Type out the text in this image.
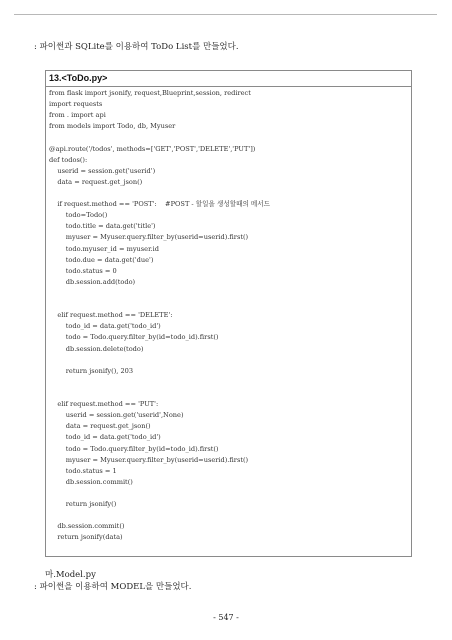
: 파이썬과 SQLite를 이용하여 ToDo List를 만들었다.
13.<ToDo.py>
from flask import jsonify, request,Blueprint,session, redirect
import requests
from . import api
from models import Todo, db, Myuser

@api.route('/todos', methods=['GET','POST','DELETE','PUT'])
def todos():
userid = session.get('userid')
data = request.get_json()

if request.method == 'POST':    #POST - 할일을 생성할때의 메서드
todo=Todo()
todo.title = data.get('title')
myuser = Myuser.query.filter_by(userid=userid).first()
todo.myuser_id = myuser.id
todo.due = data.get('due')
todo.status = 0
db.session.add(todo)

elif request.method == 'DELETE':
todo_id = data.get('todo_id')
todo = Todo.query.filter_by(id=todo_id).first()
db.session.delete(todo)

return jsonify(), 203

elif request.method == 'PUT':
userid = session.get('userid',None)
data = request.get_json()
todo_id = data.get('todo_id')
todo = Todo.query.filter_by(id=todo_id).first()
myuser = Myuser.query.filter_by(userid=userid).first()
todo.status = 1
db.session.commit()

return jsonify()

db.session.commit()
return jsonify(data)
마.Model.py
: 파이썬을 이용하여 MODEL을 만들었다.
- 547 -
